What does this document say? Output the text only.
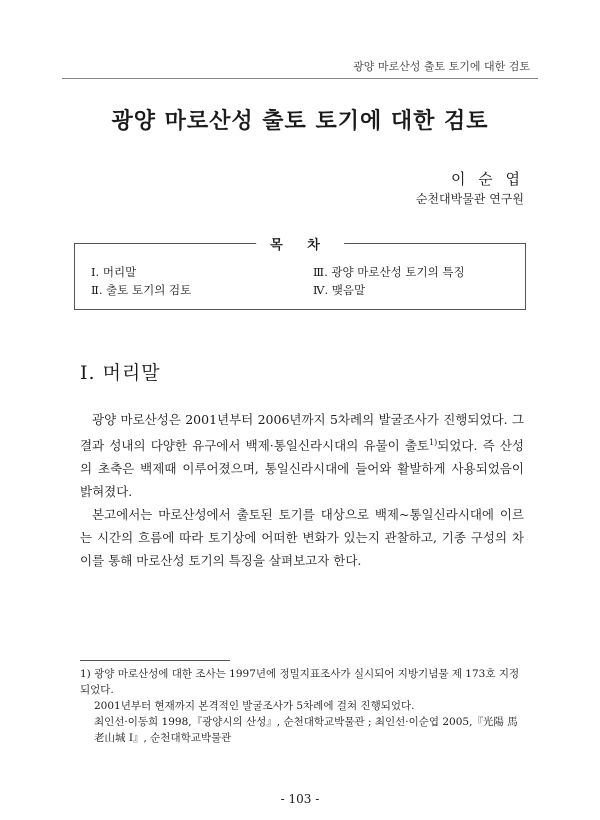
광양 마로산성 출토 토기에 대한 검토
광양 마로산성 출토 토기에 대한 검토
이 순 엽
순천대박물관 연구원
목 차
Ⅰ. 머리말
Ⅱ. 출토 토기의 검토
Ⅲ. 광양 마로산성 토기의 특징
Ⅳ. 맺음말
Ⅰ. 머리말

광양 마로산성은 2001년부터 2006년까지 5차례의 발굴조사가 진행되었다. 그 결과 성내의 다양한 유구에서 백제·통일신라시대의 유물이 출토$^{1)}$되었다. 즉 산성의 초축은 백제때 이루어졌으며, 통일신라시대에 들어와 활발하게 사용되었음이 밝혀졌다.

본고에서는 마로산성에서 출토된 토기를 대상으로 백제~통일신라시대에 이르는 시간의 흐름에 따라 토기상에 어떠한 변화가 있는지 관찰하고, 기종 구성의 차이를 통해 마로산성 토기의 특징을 살펴보고자 한다.

1) 광양 마로산성에 대한 조사는 1997년에 정밀지표조사가 실시되어 지방기념물 제 173호 지정되었다.
2001년부터 현재까지 본격적인 발굴조사가 5차례에 걸쳐 진행되었다.
최인선·이동희 1998,『광양시의 산성』, 순천대학교박물관 ; 최인선·이순엽 2005,『光陽 馬老山城 Ⅰ』, 순천대학교박물관
- 103 -
